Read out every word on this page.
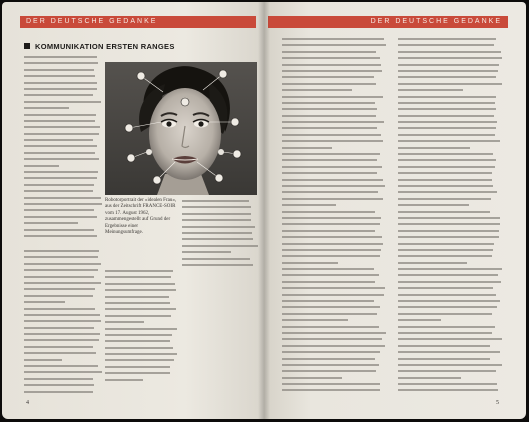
DER DEUTSCHE GEDANKE
KOMMUNIKATION ERSTEN RANGES
Robotorportrait der »idealen Frau«, aus der Zeitschrift FRANCE-SOIR vom 17. August 1962, zusammengestellt auf Grund der Ergebnisse einer Meinungsumfrage.
4
DER DEUTSCHE GEDANKE
5
